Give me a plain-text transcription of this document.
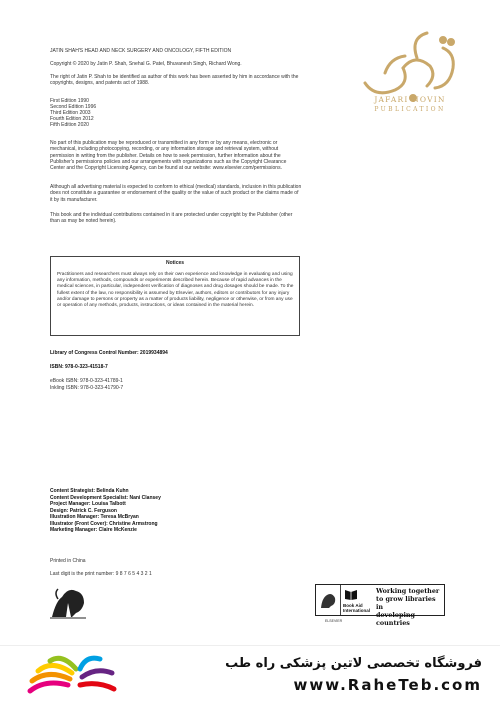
JAFARI NOVIN
PUBLICATION
JATIN SHAH'S HEAD AND NECK SURGERY AND ONCOLOGY, FIFTH EDITION
Copyright © 2020 by Jatin P. Shah, Snehal G. Patel, Bhuvanesh Singh, Richard Wong.
The right of Jatin P. Shah to be identified as author of this work has been asserted by him in accordance with the copyrights, designs, and patents act of 1988.
First Edition 1990
Second Edition 1996
Third Edition 2003
Fourth Edition 2012
Fifth Edition 2020
No part of this publication may be reproduced or transmitted in any form or by any means, electronic or mechanical, including photocopying, recording, or any information storage and retrieval system, without permission in writing from the publisher. Details on how to seek permission, further information about the Publisher's permissions policies and our arrangements with organizations such as the Copyright Clearance Center and the Copyright Licensing Agency, can be found at our website: www.elsevier.com/permissions.
Although all advertising material is expected to conform to ethical (medical) standards, inclusion in this publication does not constitute a guarantee or endorsement of the quality or the value of such product or the claims made of it by its manufacturer.
This book and the individual contributions contained in it are protected under copyright by the Publisher (other than as may be noted herein).
Notices
Practitioners and researchers must always rely on their own experience and knowledge in evaluating and using any information, methods, compounds or experiments described herein. Because of rapid advances in the medical sciences, in particular, independent verification of diagnoses and drug dosages should be made. To the fullest extent of the law, no responsibility is assumed by Elsevier, authors, editors or contributors for any injury and/or damage to persons or property as a matter of products liability, negligence or otherwise, or from any use or operation of any methods, products, instructions, or ideas contained in the material herein.
Library of Congress Control Number: 2019934894
ISBN: 978-0-323-41518-7
eBook ISBN: 978-0-323-41789-1
Inkling ISBN: 978-0-323-41790-7
Content Strategist: Belinda Kuhn
Content Development Specialist: Nani Clansey
Project Manager: Louisa Talbott
Design: Patrick C. Ferguson
Illustration Manager: Teresa McBryan
Illustrator (Front Cover): Christine Armstrong
Marketing Manager: Claire McKenzie
Printed in China
Last digit is the print number: 9 8 7 6 5 4 3 2 1
Book Aid
International
Working together
to grow libraries in
developing countries
ELSEVIER
فروشگاه تخصصی لاتین پزشکی راه طب
www.RaheTeb.com
